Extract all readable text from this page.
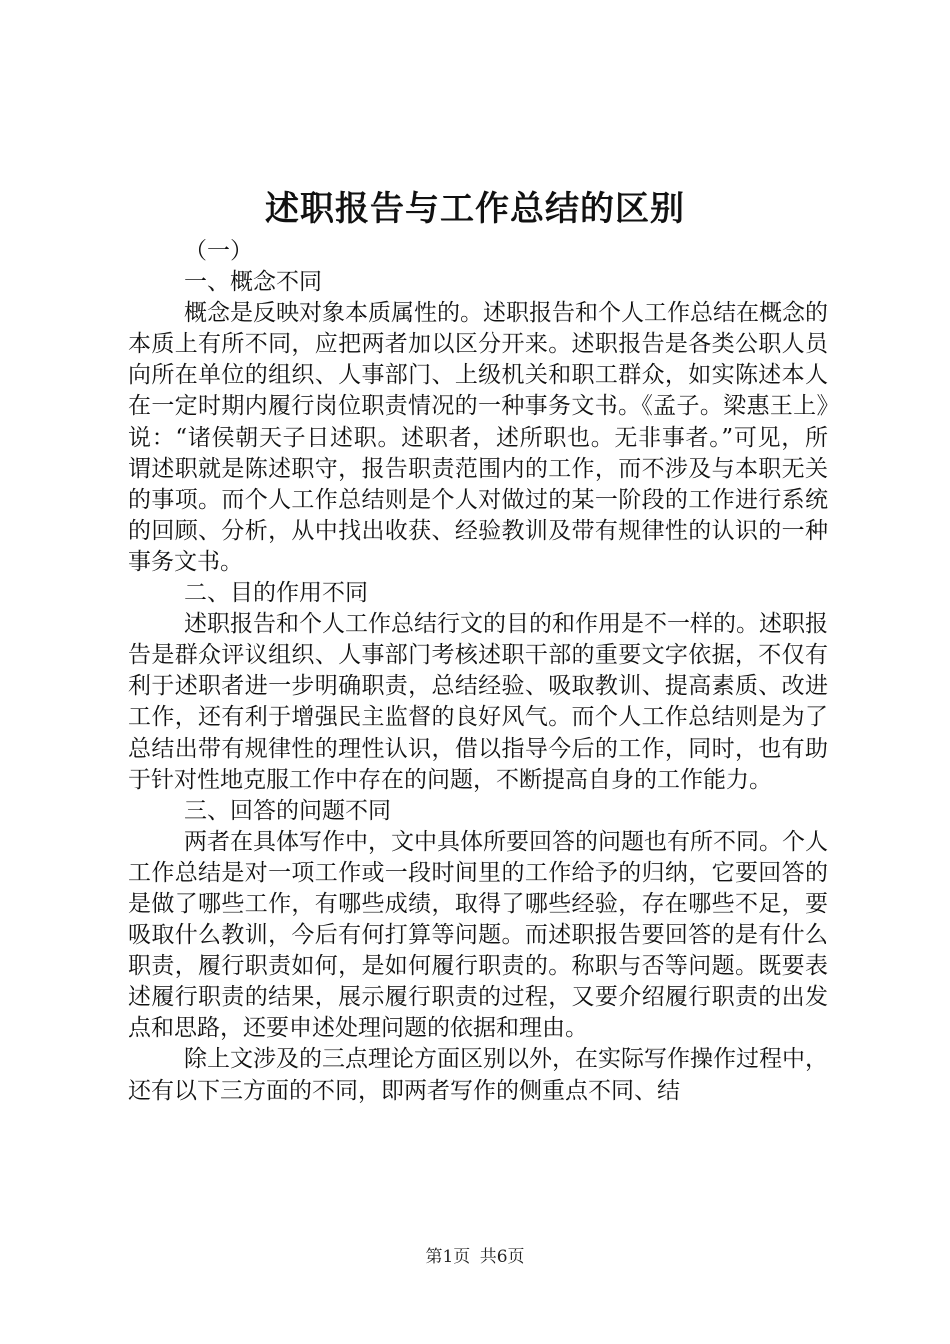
述职报告与工作总结的区别

（一）

一、概念不同

概念是反映对象本质属性的。述职报告和个人工作总结在概念的本质上有所不同，应把两者加以区分开来。述职报告是各类公职人员向所在单位的组织、人事部门、上级机关和职工群众，如实陈述本人在一定时期内履行岗位职责情况的一种事务文书。《孟子。梁惠王上》说：“诸侯朝天子日述职。述职者，述所职也。无非事者。”可见，所谓述职就是陈述职守，报告职责范围内的工作，而不涉及与本职无关的事项。而个人工作总结则是个人对做过的某一阶段的工作进行系统的回顾、分析，从中找出收获、经验教训及带有规律性的认识的一种事务文书。

二、目的作用不同

述职报告和个人工作总结行文的目的和作用是不一样的。述职报告是群众评议组织、人事部门考核述职干部的重要文字依据，不仅有利于述职者进一步明确职责，总结经验、吸取教训、提高素质、改进工作，还有利于增强民主监督的良好风气。而个人工作总结则是为了总结出带有规律性的理性认识，借以指导今后的工作，同时，也有助于针对性地克服工作中存在的问题，不断提高自身的工作能力。

三、回答的问题不同

两者在具体写作中，文中具体所要回答的问题也有所不同。个人工作总结是对一项工作或一段时间里的工作给予的归纳，它要回答的是做了哪些工作，有哪些成绩，取得了哪些经验，存在哪些不足，要吸取什么教训，今后有何打算等问题。而述职报告要回答的是有什么职责，履行职责如何，是如何履行职责的。称职与否等问题。既要表述履行职责的结果，展示履行职责的过程，又要介绍履行职责的出发点和思路，还要申述处理问题的依据和理由。

除上文涉及的三点理论方面区别以外，在实际写作操作过程中，还有以下三方面的不同，即两者写作的侧重点不同、结

第1页 共6页
